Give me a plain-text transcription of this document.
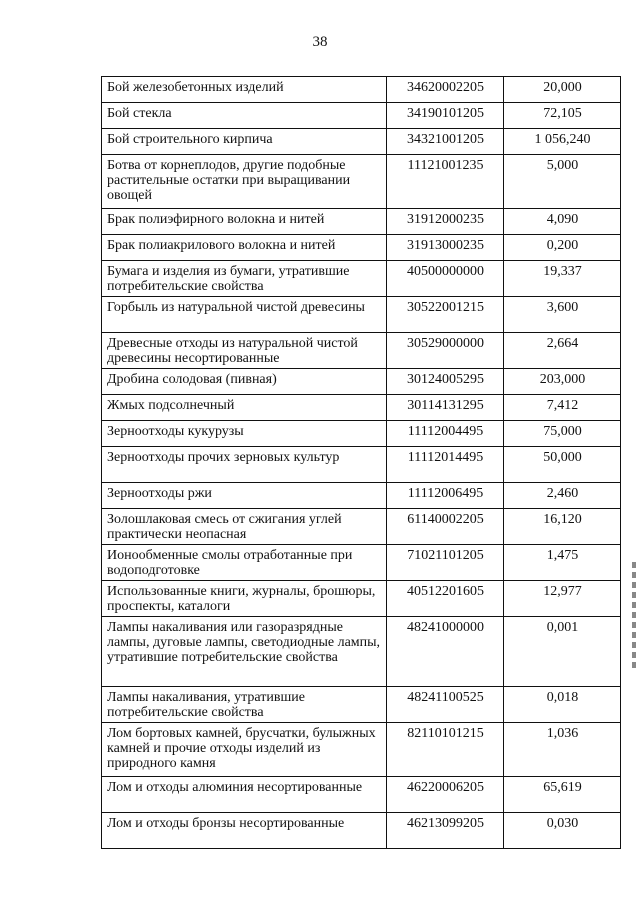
38
Бой железобетонных изделий	34620002205	20,000
Бой стекла	34190101205	72,105
Бой строительного кирпича	34321001205	1 056,240
Ботва от корнеплодов, другие подобные растительные остатки при выращивании овощей	11121001235	5,000
Брак полиэфирного волокна и нитей	31912000235	4,090
Брак полиакрилового волокна и нитей	31913000235	0,200
Бумага и изделия из бумаги, утратившие потребительские свойства	40500000000	19,337
Горбыль из натуральной чистой древесины	30522001215	3,600
Древесные отходы из натуральной чистой древесины несортированные	30529000000	2,664
Дробина солодовая (пивная)	30124005295	203,000
Жмых подсолнечный	30114131295	7,412
Зерноотходы кукурузы	11112004495	75,000
Зерноотходы прочих зерновых культур	11112014495	50,000
Зерноотходы ржи	11112006495	2,460
Золошлаковая смесь от сжигания углей практически неопасная	61140002205	16,120
Ионообменные смолы отработанные при водоподготовке	71021101205	1,475
Использованные книги, журналы, брошюры, проспекты, каталоги	40512201605	12,977
Лампы накаливания или газоразрядные лампы, дуговые лампы, светодиодные лампы, утратившие потребительские свойства	48241000000	0,001
Лампы накаливания, утратившие потребительские свойства	48241100525	0,018
Лом бортовых камней, брусчатки, булыжных камней и прочие отходы изделий из природного камня	82110101215	1,036
Лом и отходы алюминия несортированные	46220006205	65,619
Лом и отходы бронзы несортированные	46213099205	0,030
